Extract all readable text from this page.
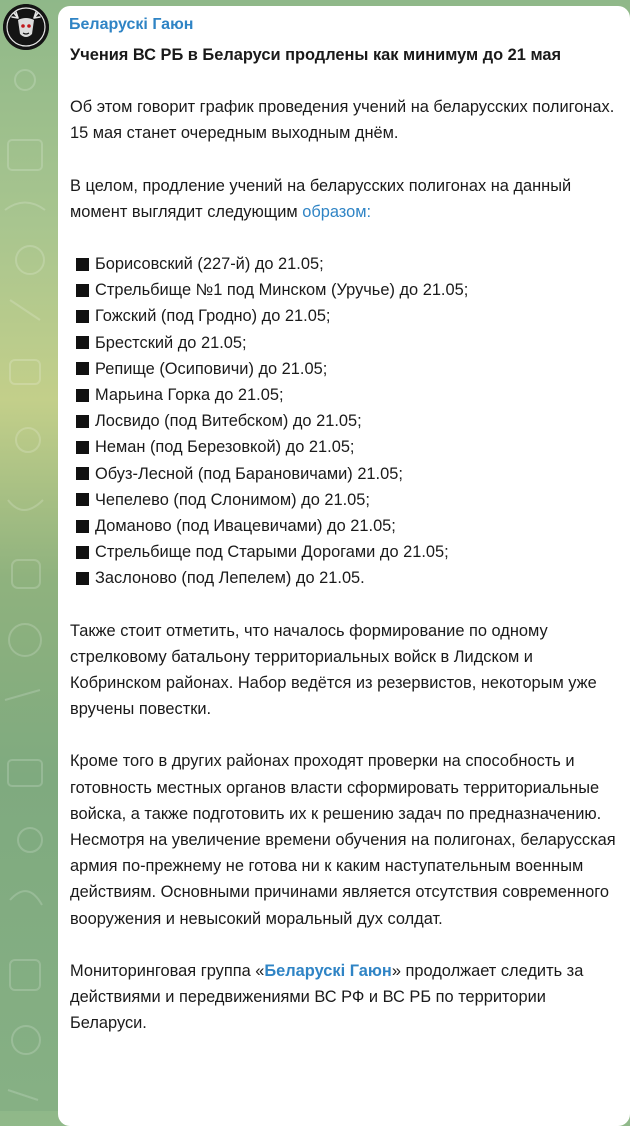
Беларускі Гаюн
Учения ВС РБ в Беларуси продлены как минимум до 21 мая
Об этом говорит график проведения учений на беларусских полигонах. 15 мая станет очередным выходным днём.
В целом, продление учений на беларусских полигонах на данный момент выглядит следующим образом:
Борисовский (227-й) до 21.05;
Стрельбище №1 под Минском (Уручье) до 21.05;
Гожский (под Гродно) до 21.05;
Брестский до 21.05;
Репище (Осиповичи) до 21.05;
Марьина Горка до 21.05;
Лосвидо (под Витебском) до 21.05;
Неман (под Березовкой) до 21.05;
Обуз-Лесной (под Барановичами) 21.05;
Чепелево (под Слонимом) до 21.05;
Доманово (под Ивацевичами) до 21.05;
Стрельбище под Старыми Дорогами до 21.05;
Заслоново (под Лепелем) до 21.05.
Также стоит отметить, что началось формирование по одному стрелковому батальону территориальных войск в Лидском и Кобринском районах. Набор ведётся из резервистов, некоторым уже вручены повестки.
Кроме того в других районах проходят проверки на способность и готовность местных органов власти сформировать территориальные войска, а также подготовить их к решению задач по предназначению. Несмотря на увеличение времени обучения на полигонах, беларусская армия по-прежнему не готова ни к каким наступательным военным действиям. Основными причинами является отсутствия современного вооружения и невысокий моральный дух солдат.
Мониторинговая группа «Беларускі Гаюн» продолжает следить за действиями и передвижениями ВС РФ и ВС РБ по территории Беларуси.
